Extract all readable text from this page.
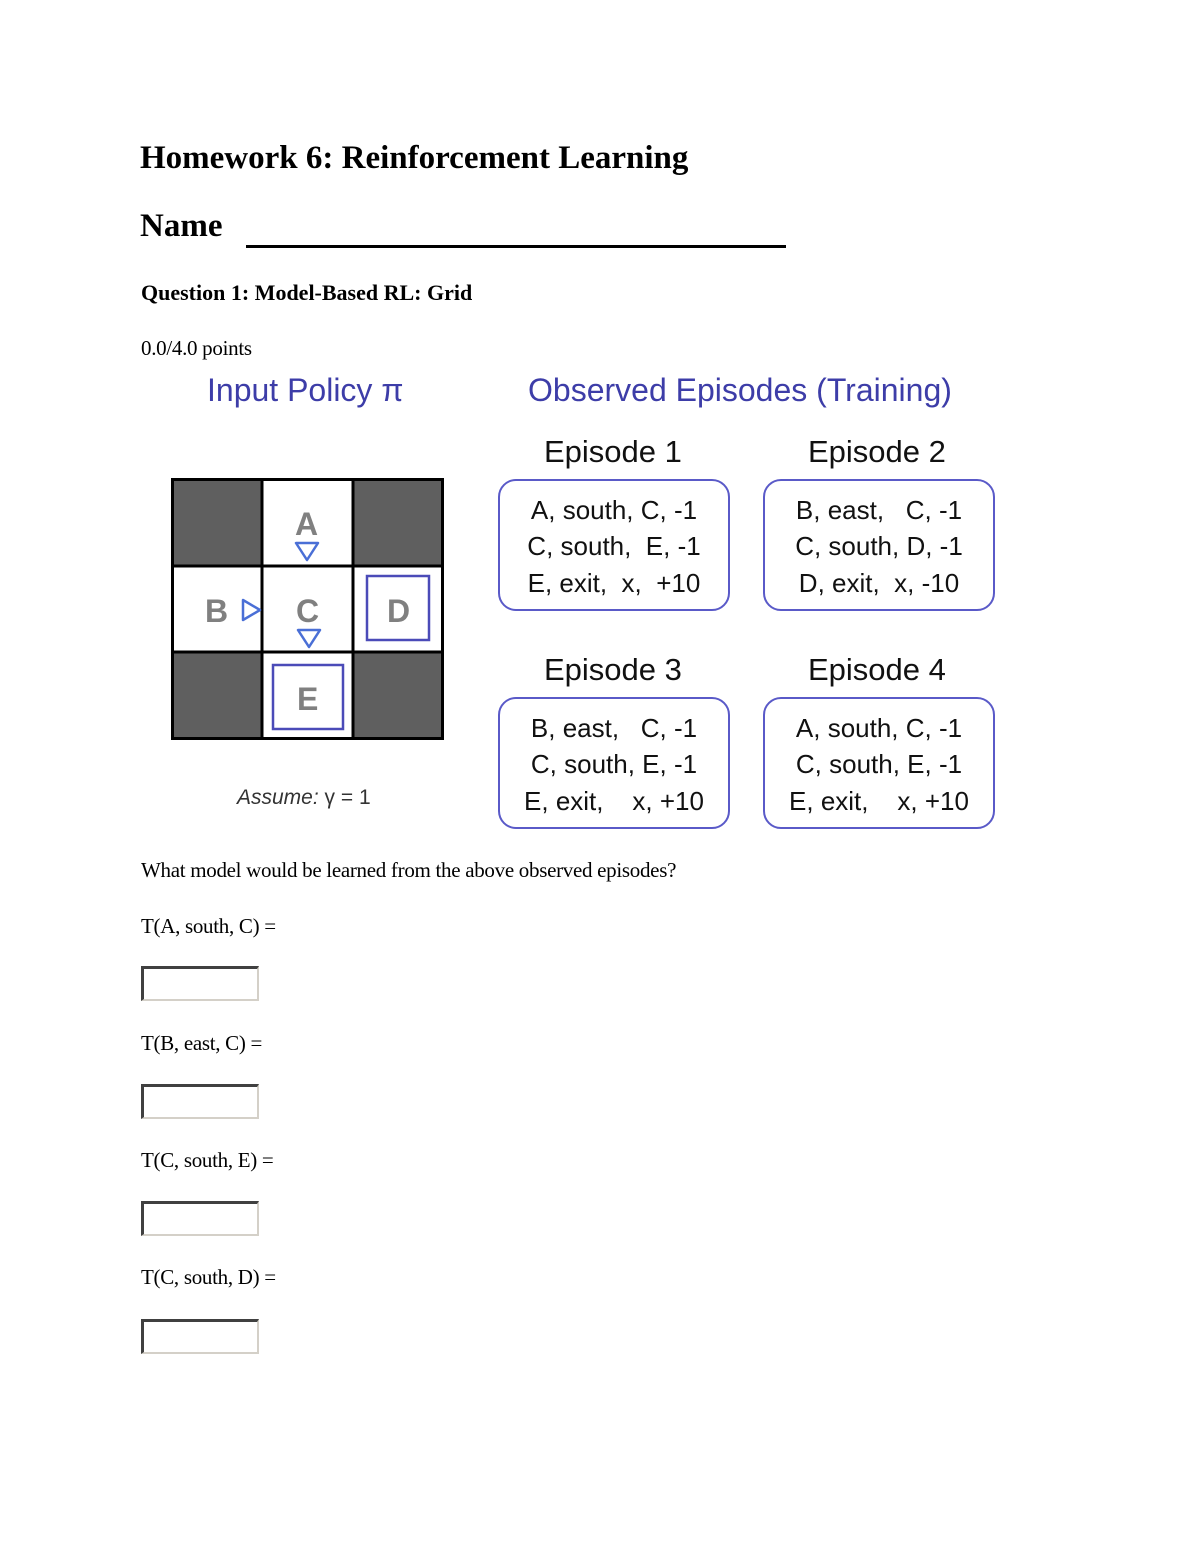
Homework 6: Reinforcement Learning
Name
Question 1: Model-Based RL: Grid
0.0/4.0 points
Input Policy π	Observed Episodes (Training)
A
B C D
E
Assume: γ = 1
Episode 1	Episode 2
Episode 3	Episode 4
A, south, C, -1
C, south,  E, -1
E, exit,  x,  +10
B, east,   C, -1
C, south, D, -1
D, exit,  x, -10
B, east,   C, -1
C, south, E, -1
E, exit,    x, +10
A, south, C, -1
C, south, E, -1
E, exit,    x, +10
What model would be learned from the above observed episodes?
T(A, south, C) =
T(B, east, C) =
T(C, south, E) =
T(C, south, D) =
